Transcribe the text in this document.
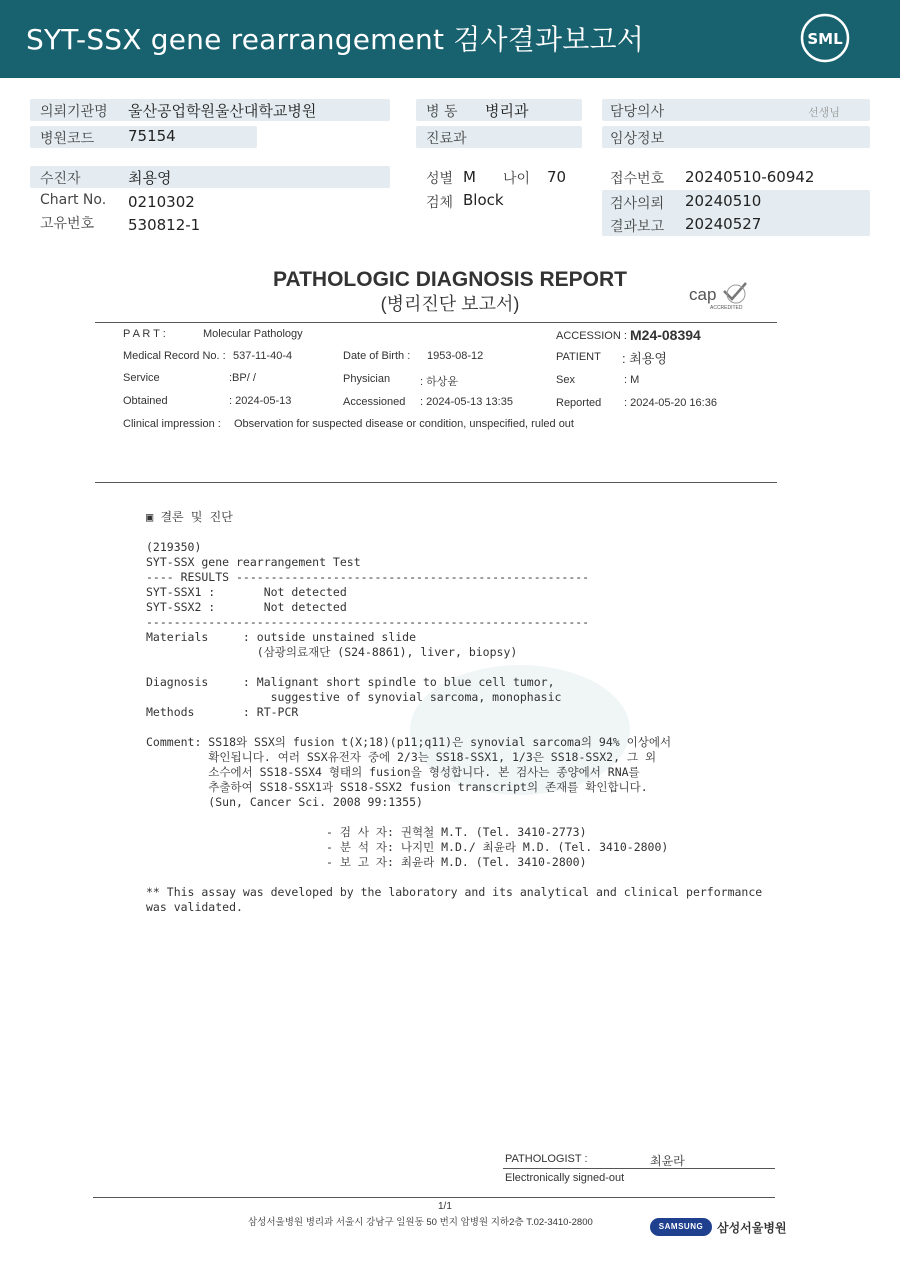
SYT-SSX gene rearrangement 검사결과보고서	SML
의뢰기관명 울산공업학원울산대학교병원	병 동 병리과	담당의사	선생님
병원코드 75154	진료과	임상정보
수진자	최용영	성별 M 나이 70	접수번호 20240510-60942
Chart No. 0210302	검체 Block	검사의뢰 20240510
고유번호 530812-1	결과보고 20240527
PATHOLOGIC DIAGNOSIS REPORT
(병리진단 보고서)	cap
ACCREDITED
P A R T :	Molecular Pathology	ACCESSION : M24-08394
Medical Record No. : 537-11-40-4	Date of Birth : 1953-08-12	PATIENT : 최용영
Service	:BP/ /	Physician	: 하상윤	Sex	: M
Obtained	: 2024-05-13	Accessioned : 2024-05-13 13:35	Reported : 2024-05-20 16:36
Clinical impression : Observation for suspected disease or condition, unspecified, ruled out
▣ 결론 및 진단
(219350)
SYT-SSX gene rearrangement Test
---- RESULTS ---------------------------------------------------
SYT-SSX1 :       Not detected
SYT-SSX2 :       Not detected
----------------------------------------------------------------
Materials     : outside unstained slide
(삼광의료재단 (S24-8861), liver, biopsy)

Diagnosis     : Malignant short spindle to blue cell tumor,
suggestive of synovial sarcoma, monophasic
Methods       : RT-PCR

Comment: SS18와 SSX의 fusion t(X;18)(p11;q11)은 synovial sarcoma의 94% 이상에서
확인됩니다. 여러 SSX유전자 중에 2/3는 SS18-SSX1, 1/3은 SS18-SSX2, 그 외
소수에서 SS18-SSX4 형태의 fusion을 형성합니다. 본 검사는 종양에서 RNA를
추출하여 SS18-SSX1과 SS18-SSX2 fusion transcript의 존재를 확인합니다.
(Sun, Cancer Sci. 2008 99:1355)

- 검 사 자: 권혁철 M.T. (Tel. 3410-2773)
- 분 석 자: 나지민 M.D./ 최윤라 M.D. (Tel. 3410-2800)
- 보 고 자: 최윤라 M.D. (Tel. 3410-2800)

** This assay was developed by the laboratory and its analytical and clinical performance
was validated.
PATHOLOGIST :	최윤라
Electronically signed-out
1/1
삼성서울병원 병리과 서울시 강남구 일원동 50 번지 암병원 지하2층 T.02-3410-2800	SAMSUNG	삼성서울병원
